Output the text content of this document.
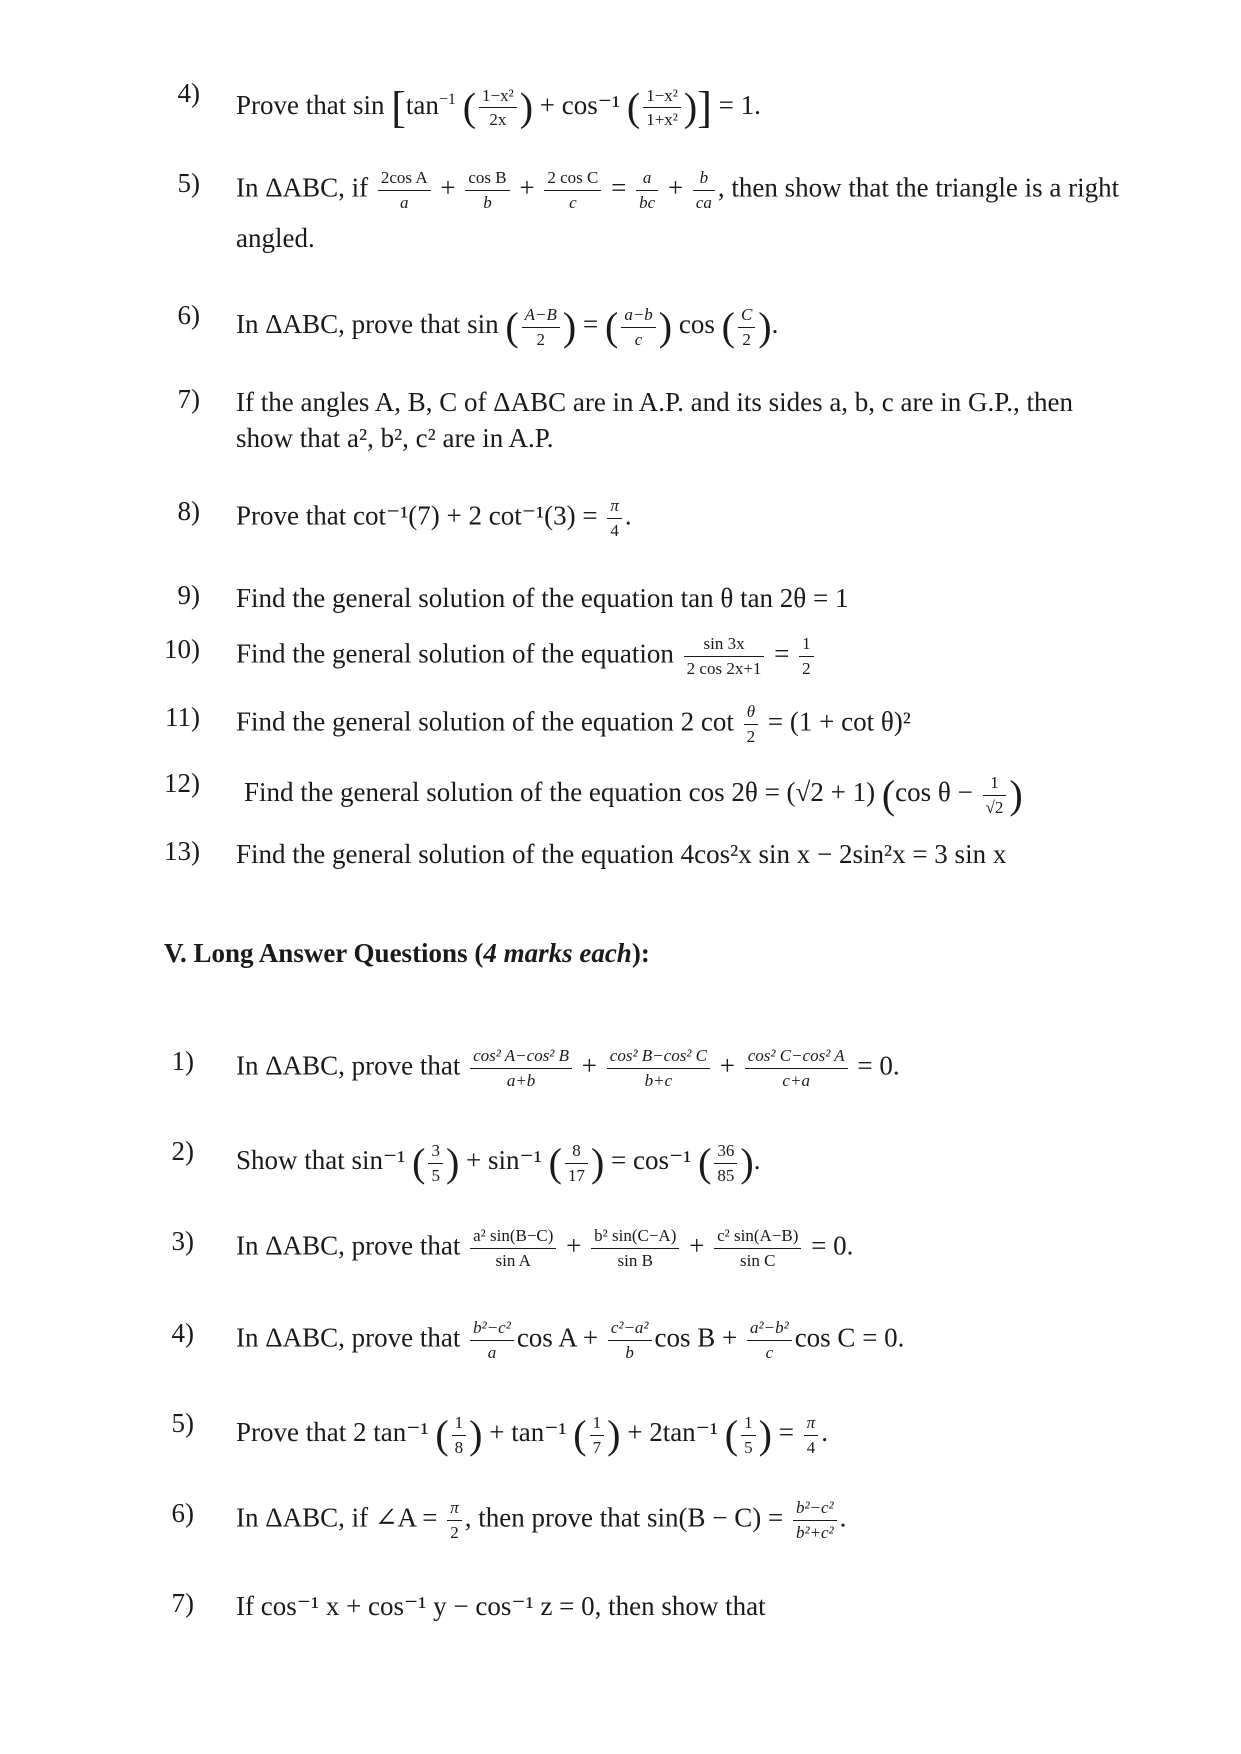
4) Prove that $\sin [\tan^{-1}$ ( $\frac{\text{1−x²}}{2x}$ ) + cos⁻¹ ( $\frac{\text{1−x²}}{\text{1+x²}}$ )] = 1.
5) In ΔABC, if $\frac{\text{2cos A}}{a} + \frac{\text{cos B}}{b} + \frac{\text{2 cos C}}{c} = \frac{a}{bc} + \frac{b}{ca}$ , then show that the triangle is a right
angled.
6) In ΔABC, prove that sin ( $\frac{A-B}{2}$ ) = ( $\frac{a-b}{c}$ ) cos ( $\frac{C}{2}$ ).
7) If the angles A, B, C of ΔABC are in A.P. and its sides a, b, c are in G.P., then
show that a², b², c² are in A.P.
8) Prove that cot⁻¹(7) + 2 $\cot^{-1}(3) = \frac{\pi}{4}$ .
9) Find the general solution of the equation tan θ tan 2θ = 1
10) Find the general solution of the equation $\frac{\sin 3x}{2 \cos 2x+1} = \frac{1}{2}$
11) Find the general solution of the equation 2 $\cot \frac{\theta}{2} = (1 + \cot \theta)^2$
12) Find the general solution of the equation cos 2θ = (√2 + 1) (cos $\theta - \frac{1}{√2}$ )
13) Find the general solution of the equation 4cos²x sin x − 2sin²x = 3 sin x
V. Long Answer Questions (4 marks each):
1) In ΔABC, prove that $\frac{\text{cos² A−cos² B}}{a+b} + \frac{\text{cos² B−cos² C}}{b+c} + \frac{\text{cos² C−cos² A}}{c+a} = 0$.
2) Show that sin⁻¹ ( $\frac{3}{5}$ ) + sin⁻¹ ( $\frac{8}{17}$ ) = cos⁻¹ ( $\frac{36}{85}$ ).
3) In ΔABC, prove that $\frac{\text{a² sin(B−C)}}{\text{sin A}} + \frac{\text{b² sin(C−A)}}{\text{sin B}} + \frac{\text{c² sin(A−B)}}{\text{sin C}} = 0$.
4) In ΔABC, prove that $\frac{\text{b²−c²}}{a}$ $\cos A + \frac{\text{c²−a²}}{b}$ $\cos B + \frac{\text{a²−b²}}{c}$ cos C = 0.
5) Prove that 2 tan⁻¹ ( $\frac{1}{8}$ ) + tan⁻¹ ( $\frac{1}{7}$ ) + 2tan⁻¹ ( $\frac{1}{5}$ ) = $\frac{\pi}{4}$ .
6) In ΔABC, if ∠A = $\frac{\pi}{2}$ , then prove that $\sin(B - C) = \frac{\text{b²−c²}}{\text{b²+c²}}$ .
7) If cos⁻¹ x + cos⁻¹ y − cos⁻¹ z = 0, then show that
